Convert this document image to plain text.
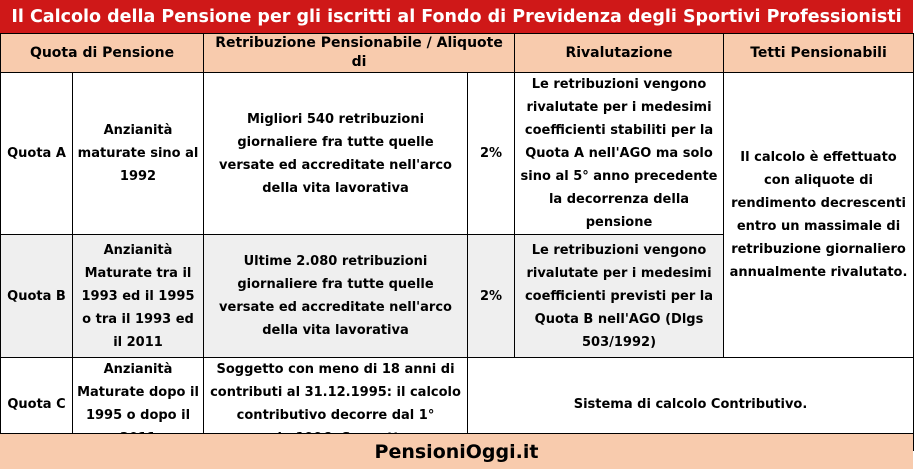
Il Calcolo della Pensione per gli iscritti al Fondo di Previdenza degli Sportivi Professionisti
Quota di Pensione		Retribuzione Pensionabile / Aliquote di		Rivalutazione	Tetti Pensionabili
Quota A	Anzianità maturate sino al 1992	Migliori 540 retribuzioni giornaliere fra tutte quelle versate ed accreditate nell'arco della vita lavorativa	2%	Le retribuzioni vengono rivalutate per i medesimi coefficienti stabiliti per la Quota A nell'AGO ma solo sino al 5° anno precedente la decorrenza della pensione	Il calcolo è effettuato con aliquote di rendimento decrescenti entro un massimale di retribuzione giornaliero annualmente rivalutato.
Quota B	Anzianità Maturate tra il 1993 ed il 1995 o tra il 1993 ed il 2011	Ultime 2.080 retribuzioni giornaliere fra tutte quelle versate ed accreditate nell'arco della vita lavorativa	2%	Le retribuzioni vengono rivalutate per i medesimi coefficienti previsti per la Quota B nell'AGO (Dlgs 503/1992)	
Quota C	Anzianità Maturate dopo il 1995 o dopo il	Soggetto con meno di 18 anni di contributi al 31.12.1995: il calcolo contributivo decorre dal 1°	Sistema di calcolo Contributivo.		
PensioniOggi.it
